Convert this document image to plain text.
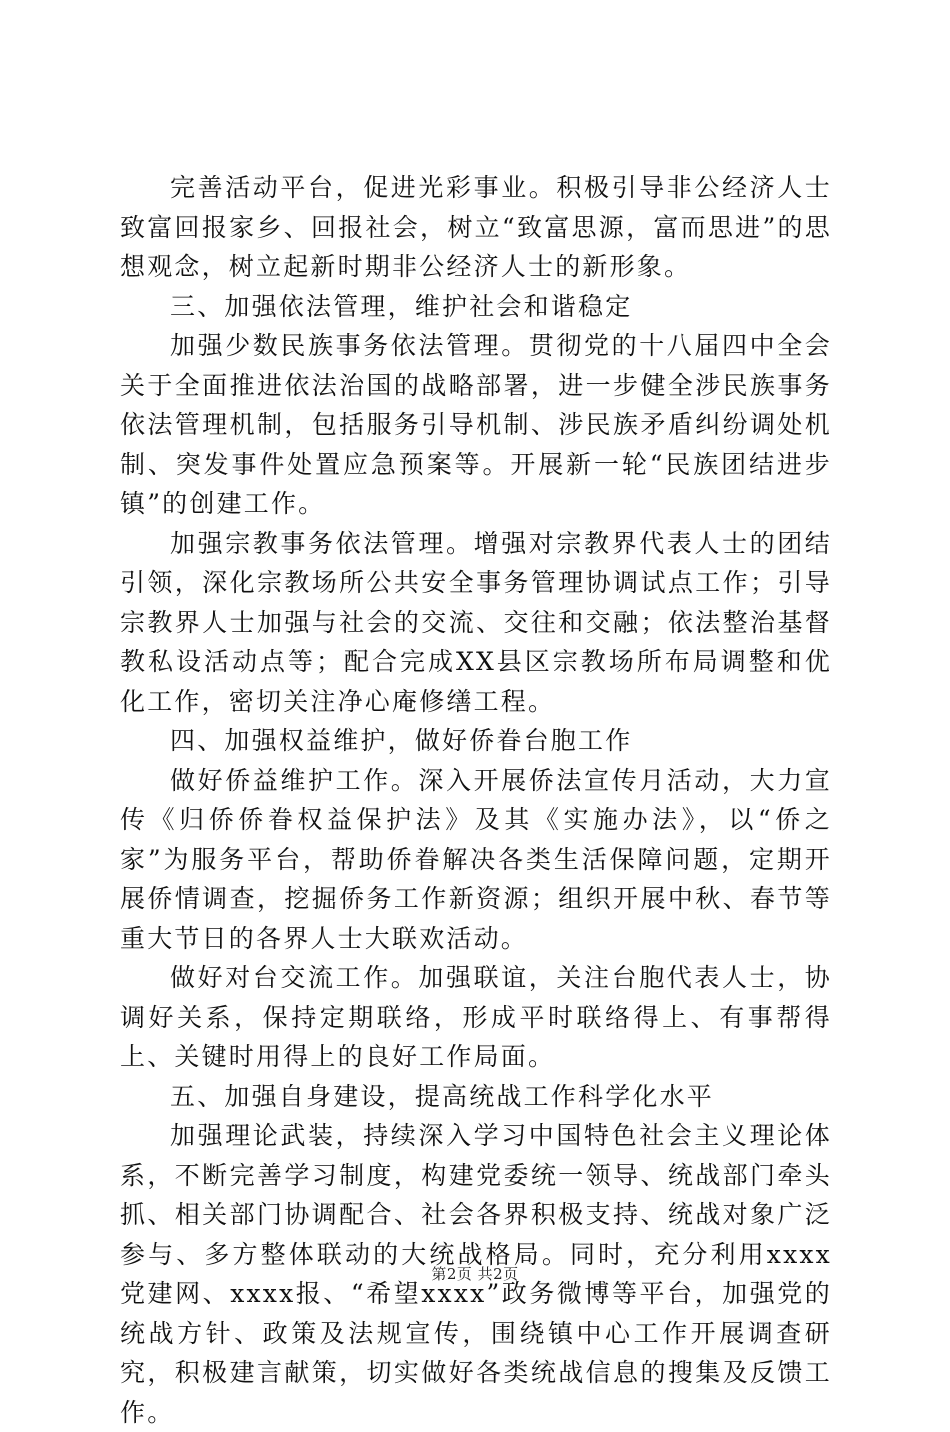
完善活动平台，促进光彩事业。积极引导非公经济人士致富回报家乡、回报社会，树立“致富思源，富而思进”的思想观念，树立起新时期非公经济人士的新形象。

三、加强依法管理，维护社会和谐稳定

加强少数民族事务依法管理。贯彻党的十八届四中全会关于全面推进依法治国的战略部署，进一步健全涉民族事务依法管理机制，包括服务引导机制、涉民族矛盾纠纷调处机制、突发事件处置应急预案等。开展新一轮“民族团结进步镇”的创建工作。

加强宗教事务依法管理。增强对宗教界代表人士的团结引领，深化宗教场所公共安全事务管理协调试点工作；引导宗教界人士加强与社会的交流、交往和交融；依法整治基督教私设活动点等；配合完成XX县区宗教场所布局调整和优化工作，密切关注净心庵修缮工程。

四、加强权益维护，做好侨眷台胞工作

做好侨益维护工作。深入开展侨法宣传月活动，大力宣传《归侨侨眷权益保护法》及其《实施办法》，以“侨之家”为服务平台，帮助侨眷解决各类生活保障问题，定期开展侨情调查，挖掘侨务工作新资源；组织开展中秋、春节等重大节日的各界人士大联欢活动。

做好对台交流工作。加强联谊，关注台胞代表人士，协调好关系，保持定期联络，形成平时联络得上、有事帮得上、关键时用得上的良好工作局面。

五、加强自身建设，提高统战工作科学化水平

加强理论武装，持续深入学习中国特色社会主义理论体系，不断完善学习制度，构建党委统一领导、统战部门牵头抓、相关部门协调配合、社会各界积极支持、统战对象广泛参与、多方整体联动的大统战格局。同时，充分利用xxxx党建网、xxxx报、“希望xxxx”政务微博等平台，加强党的统战方针、政策及法规宣传，围绕镇中心工作开展调查研究，积极建言献策，切实做好各类统战信息的搜集及反馈工作。

第2页 共2页
